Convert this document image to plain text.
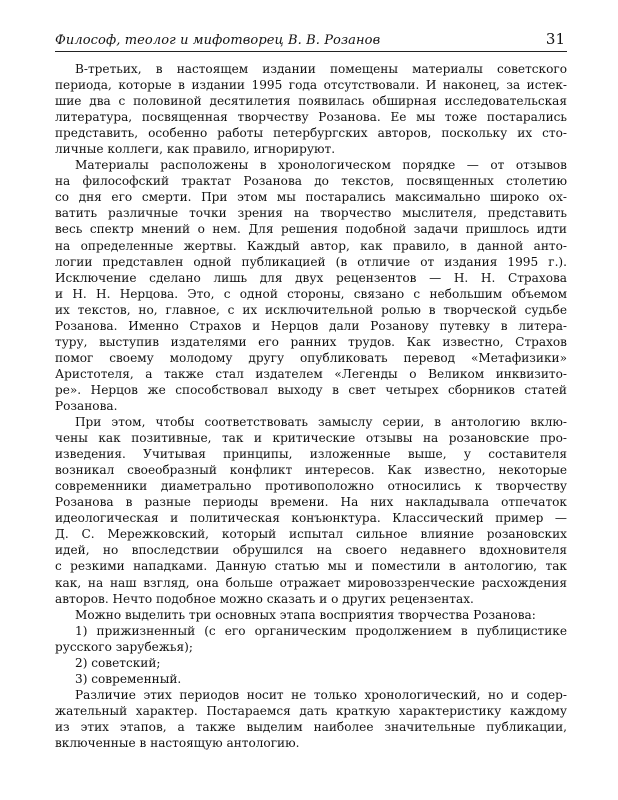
Философ, теолог и мифотворец В. В. Розанов	31
В-третьих, в настоящем издании помещены материалы советского
периода, которые в издании 1995 года отсутствовали. И наконец, за истек-
шие два с половиной десятилетия появилась обширная исследовательская
литература, посвященная творчеству Розанова. Ее мы тоже постарались
представить, особенно работы петербургских авторов, поскольку их сто-
личные коллеги, как правило, игнорируют.
Материалы расположены в хронологическом порядке — от отзывов
на философский трактат Розанова до текстов, посвященных столетию
со дня его смерти. При этом мы постарались максимально широко ох-
ватить различные точки зрения на творчество мыслителя, представить
весь спектр мнений о нем. Для решения подобной задачи пришлось идти
на определенные жертвы. Каждый автор, как правило, в данной анто-
логии представлен одной публикацией (в отличие от издания 1995 г.).
Исключение сделано лишь для двух рецензентов — Н. Н. Страхова
и Н. Н. Нерцова. Это, с одной стороны, связано с небольшим объемом
их текстов, но, главное, с их исключительной ролью в творческой судьбе
Розанова. Именно Страхов и Нерцов дали Розанову путевку в литера-
туру, выступив издателями его ранних трудов. Как известно, Страхов
помог своему молодому другу опубликовать перевод «Метафизики»
Аристотеля, а также стал издателем «Легенды о Великом инквизито-
ре». Нерцов же способствовал выходу в свет четырех сборников статей
Розанова.
При этом, чтобы соответствовать замыслу серии, в антологию вклю-
чены как позитивные, так и критические отзывы на розановские про-
изведения. Учитывая принципы, изложенные выше, у составителя
возникал своеобразный конфликт интересов. Как известно, некоторые
современники диаметрально противоположно относились к творчеству
Розанова в разные периоды времени. На них накладывала отпечаток
идеологическая и политическая конъюнктура. Классический пример —
Д. С. Мережковский, который испытал сильное влияние розановских
идей, но впоследствии обрушился на своего недавнего вдохновителя
с резкими нападками. Данную статью мы и поместили в антологию, так
как, на наш взгляд, она больше отражает мировоззренческие расхождения
авторов. Нечто подобное можно сказать и о других рецензентах.
Можно выделить три основных этапа восприятия творчества Розанова:
1) прижизненный (с его органическим продолжением в публицистике
русского зарубежья);
2) советский;
3) современный.
Различие этих периодов носит не только хронологический, но и содер-
жательный характер. Постараемся дать краткую характеристику каждому
из этих этапов, а также выделим наиболее значительные публикации,
включенные в настоящую антологию.
